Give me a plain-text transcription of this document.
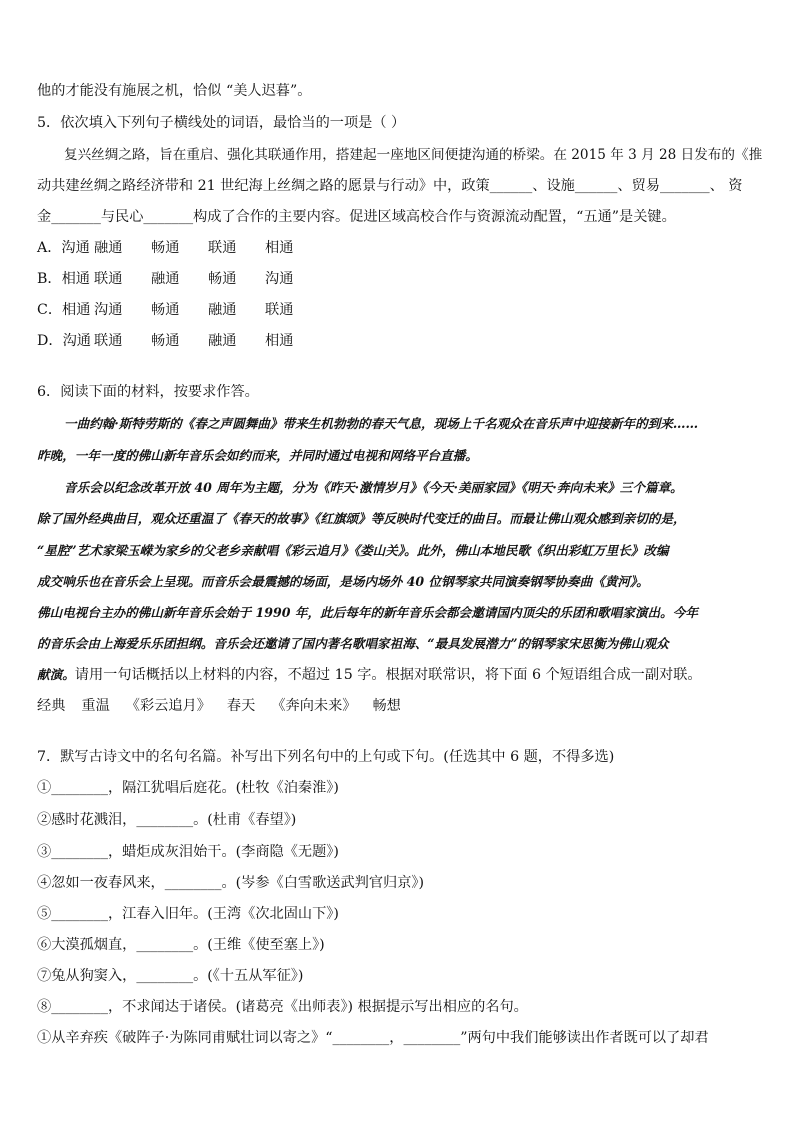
他的才能没有施展之机，恰似 “美人迟暮”。
5．依次填入下列句子横线处的词语，最恰当的一项是（ ）
复兴丝绸之路，旨在重启、强化其联通作用，搭建起一座地区间便捷沟通的桥梁。在 2015 年 3 月 28 日发布的《推
动共建丝绸之路经济带和 21 世纪海上丝绸之路的愿景与行动》中，政策______、设施______、贸易_______、 资
金_______与民心_______构成了合作的主要内容。促进区域高校合作与资源流动配置，“五通”是关键。
A．沟通 融通 畅通 联通 相通
B．相通 联通 融通 畅通 沟通
C．相通 沟通 畅通 融通 联通
D．沟通 联通 畅通 融通 相通
6．阅读下面的材料，按要求作答。
一曲约翰·斯特劳斯的《春之声圆舞曲》带来生机勃勃的春天气息，现场上千名观众在音乐声中迎接新年的到来……
昨晚，一年一度的佛山新年音乐会如约而来，并同时通过电视和网络平台直播。
音乐会以纪念改革开放 40 周年为主题，分为《昨天·激情岁月》《今天·美丽家园》《明天·奔向未来》三个篇章。
除了国外经典曲目，观众还重温了《春天的故事》《红旗颂》等反映时代变迁的曲目。而最让佛山观众感到亲切的是，
“星腔”艺术家梁玉嵘为家乡的父老乡亲献唱《彩云追月》《娄山关》。此外，佛山本地民歌《织出彩虹万里长》改编
成交响乐也在音乐会上呈现。而音乐会最震撼的场面，是场内场外 40 位钢琴家共同演奏钢琴协奏曲《黄河》。
佛山电视台主办的佛山新年音乐会始于 1990 年，此后每年的新年音乐会都会邀请国内顶尖的乐团和歌唱家演出。今年
的音乐会由上海爱乐乐团担纲。音乐会还邀请了国内著名歌唱家祖海、“最具发展潜力”的钢琴家宋思衡为佛山观众
献演。请用一句话概括以上材料的内容，不超过 15 字。根据对联常识，将下面 6 个短语组合成一副对联。
经典 重温 《彩云追月》 春天 《奔向未来》 畅想
7．默写古诗文中的名句名篇。补写出下列名句中的上句或下句。(任选其中 6 题，不得多选)
①________，隔江犹唱后庭花。(杜牧《泊秦淮》)
②感时花溅泪，________。(杜甫《春望》)
③________，蜡炬成灰泪始干。(李商隐《无题》)
④忽如一夜春风来，________。(岑参《白雪歌送武判官归京》)
⑤________，江春入旧年。(王湾《次北固山下》)
⑥大漠孤烟直，________。(王维《使至塞上》)
⑦兔从狗窦入，________。(《十五从军征》)
⑧________，不求闻达于诸侯。(诸葛亮《出师表》) 根据提示写出相应的名句。
①从辛弃疾《破阵子·为陈同甫赋壮词以寄之》“________，________”两句中我们能够读出作者既可以了却君
